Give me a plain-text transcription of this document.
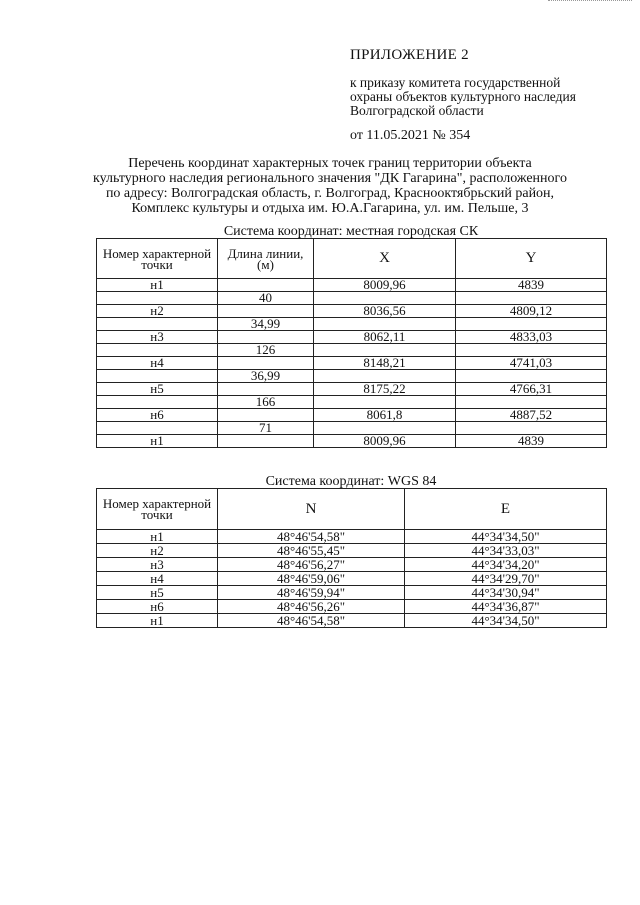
ПРИЛОЖЕНИЕ 2
к приказу комитета государственной
охраны объектов культурного наследия
Волгоградской области
от 11.05.2021 № 354
Перечень координат характерных точек границ территории объекта
культурного наследия регионального значения "ДК Гагарина", расположенного
по адресу: Волгоградская область, г. Волгоград, Краснооктябрьский район,
Комплекс культуры и отдыха им. Ю.А.Гагарина, ул. им. Пельше, 3
Система координат: местная городская СК
Номер характерной точки	Длина линии, (м)	X	Y
н1		8009,96	4839
	40		
н2		8036,56	4809,12
	34,99		
н3		8062,11	4833,03
	126		
н4		8148,21	4741,03
	36,99		
н5		8175,22	4766,31
	166		
н6		8061,8	4887,52
	71		
н1		8009,96	4839
Система координат: WGS 84
Номер характерной точки	N	E
н1	48°46'54,58"	44°34'34,50"
н2	48°46'55,45"	44°34'33,03"
н3	48°46'56,27"	44°34'34,20"
н4	48°46'59,06"	44°34'29,70"
н5	48°46'59,94"	44°34'30,94"
н6	48°46'56,26"	44°34'36,87"
н1	48°46'54,58"	44°34'34,50"
